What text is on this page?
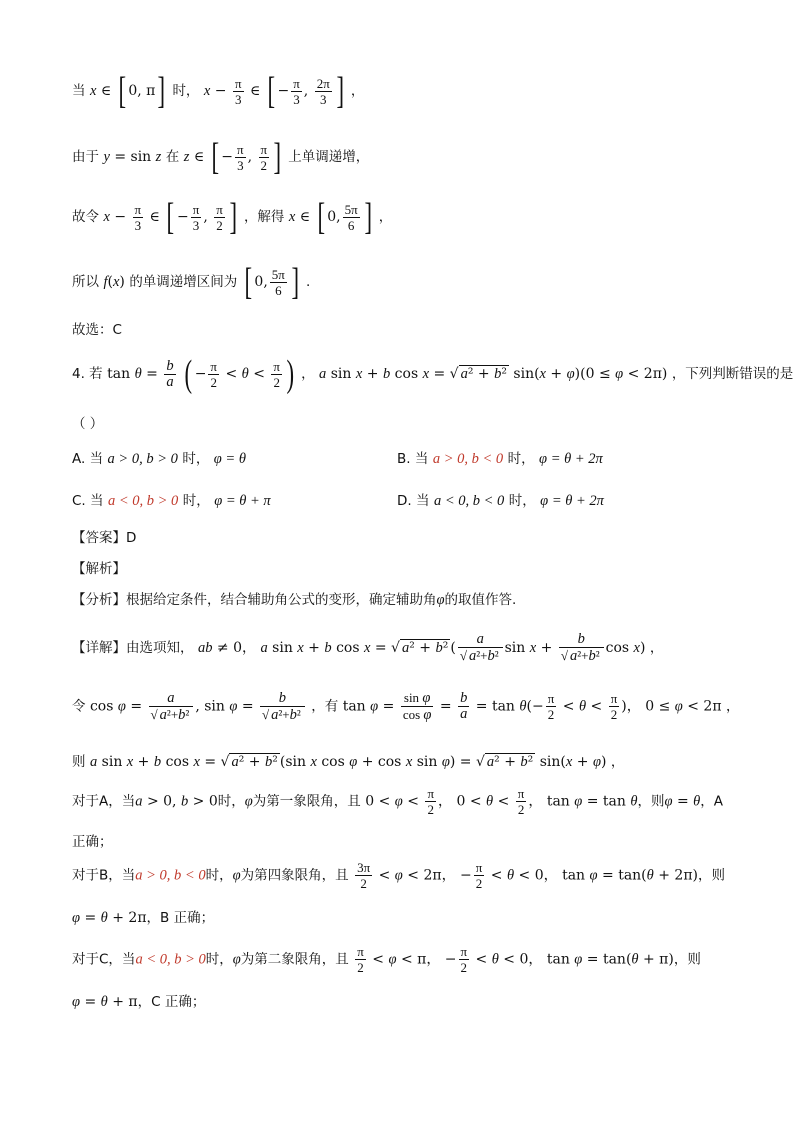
当 x ∈ [ 0, π] 时， $x - \frac{\pi}{3}$ ∈ [ − $\frac{\pi}{3}$ , $\frac{2\pi}{3}$ ] ，
由于 y = sin z 在 z ∈ [ − $\frac{\pi}{3}$ , $\frac{\pi}{2}$ ] 上单调递增，
故令 $x - \frac{\pi}{3}$ ∈ [ − $\frac{\pi}{3}$ , $\frac{\pi}{2}$ ] ，解得 x ∈ [ 0, $\frac{5\pi}{6}$ ] ，
所以 f(x) 的单调递增区间为 [ 0, $\frac{5\pi}{6}$ ] .
故选：C
4. 若 $\tan \theta = \frac{b}{a}$ ( − $\frac{\pi}{2} < \theta < \frac{\pi}{2}$ ) ， a sin x + b cos x = √ a² + b² sin(x + φ)(0 ≤ φ < 2π) ，下列判断错误的是
（ ）
A. 当 a > 0, b > 0 时， φ = θ	B. 当 a > 0, b < 0 时， φ = θ + 2π
C. 当 a < 0, b > 0 时， φ = θ + π	D. 当 a < 0, b < 0 时， φ = θ + 2π
【答案】D
【解析】
【分析】根据给定条件，结合辅助角公式的变形，确定辅助角φ的取值作答.
【详解】由选项知， ab ≠ 0， a sin x + b cos x = √ a² + b² ( $\frac{a}{\text{√ a²+b²}}$ $\sin x + \frac{b}{\text{√ a²+b²}}$ cos x) ，
令 $\cos \varphi = \frac{a}{\text{√ a²+b²}}$ , $\sin \varphi = \frac{b}{\text{√ a²+b²}}$ ，有 $\tan \varphi = \frac{\text{sin φ}}{\text{cos φ}} = \frac{b}{a} = \tan \theta(- \frac{\pi}{2} < \theta < \frac{\pi}{2}$ )， 0 ≤ φ < 2π ，
则 a sin x + b cos x = √ a² + b² (sin x cos φ + cos x sin φ) = √ a² + b² sin(x + φ) ，
对于A，当a > 0, b > 0时，φ为第一象限角，且 $0 < \varphi < \frac{\pi}{2}$ ， $0 < \theta < \frac{\pi}{2}$ ， tan φ = tan θ，则φ = θ，A
正确；
对于B，当a > 0, b < 0时，φ为第四象限角，且 $\frac{3\pi}{2} < \varphi < 2\pi$， − $\frac{\pi}{2} < \theta < 0$， tan φ = tan(θ + 2π)，则
φ = θ + 2π，B 正确；
对于C，当a < 0, b > 0时，φ为第二象限角，且 $\frac{\pi}{2} < \varphi < \pi$， − $\frac{\pi}{2} < \theta < 0$， tan φ = tan(θ + π)，则
φ = θ + π，C 正确；
